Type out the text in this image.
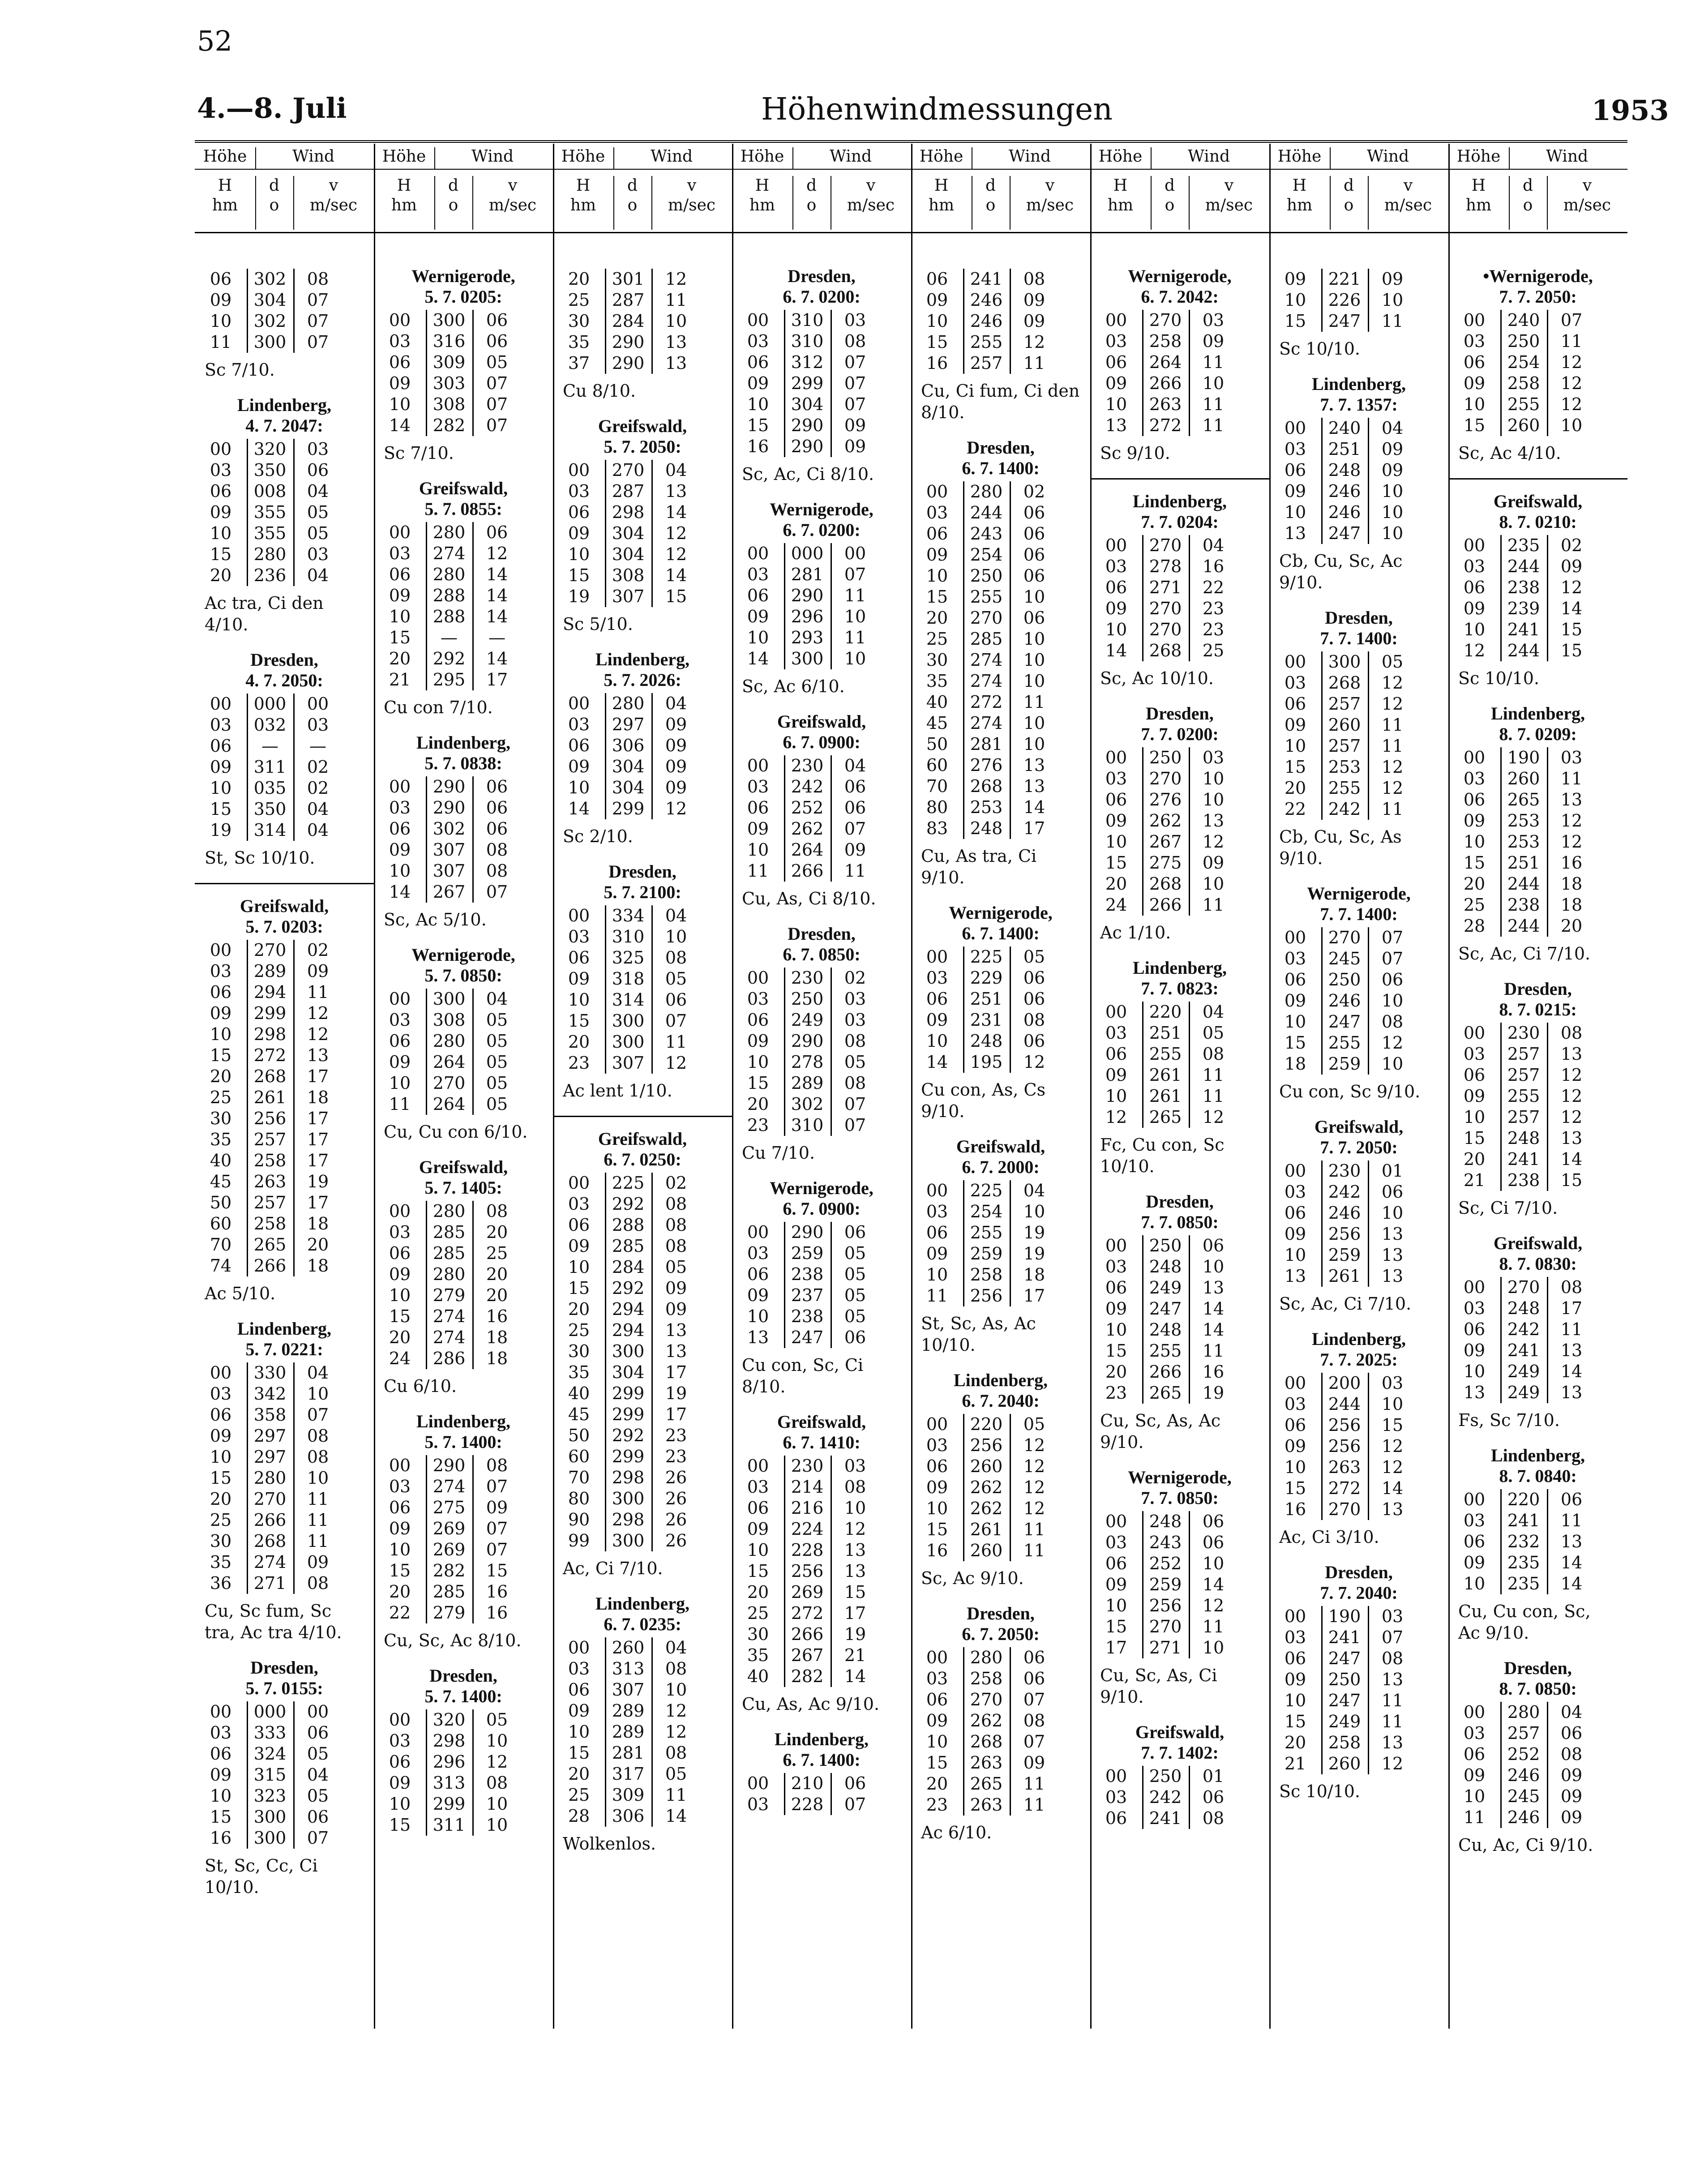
52
4.—8. Juli	Höhenwindmessungen	1953
Höhe	Wind
H
hm
d
o
v
m/sec
06	302	08
09	304	07
10	302	07
11	300	07
Sc 7/10.
Lindenberg,
4. 7. 2047:
00	320	03
03	350	06
06	008	04
09	355	05
10	355	05
15	280	03
20	236	04
Ac tra, Ci den 4/10.
Dresden,
4. 7. 2050:
00	000	00
03	032	03
06	—	—
09	311	02
10	035	02
15	350	04
19	314	04
St, Sc 10/10.
Greifswald,
5. 7. 0203:
00	270	02
03	289	09
06	294	11
09	299	12
10	298	12
15	272	13
20	268	17
25	261	18
30	256	17
35	257	17
40	258	17
45	263	19
50	257	17
60	258	18
70	265	20
74	266	18
Ac 5/10.
Lindenberg,
5. 7. 0221:
00	330	04
03	342	10
06	358	07
09	297	08
10	297	08
15	280	10
20	270	11
25	266	11
30	268	11
35	274	09
36	271	08
Cu, Sc fum, Sc tra, Ac tra 4/10.
Dresden,
5. 7. 0155:
00	000	00
03	333	06
06	324	05
09	315	04
10	323	05
15	300	06
16	300	07
St, Sc, Cc, Ci 10/10.
Höhe	Wind
H
hm
d
o
v
m/sec
Wernigerode,
5. 7. 0205:
00	300	06
03	316	06
06	309	05
09	303	07
10	308	07
14	282	07
Sc 7/10.
Greifswald,
5. 7. 0855:
00	280	06
03	274	12
06	280	14
09	288	14
10	288	14
15	—	—
20	292	14
21	295	17
Cu con 7/10.
Lindenberg,
5. 7. 0838:
00	290	06
03	290	06
06	302	06
09	307	08
10	307	08
14	267	07
Sc, Ac 5/10.
Wernigerode,
5. 7. 0850:
00	300	04
03	308	05
06	280	05
09	264	05
10	270	05
11	264	05
Cu, Cu con 6/10.
Greifswald,
5. 7. 1405:
00	280	08
03	285	20
06	285	25
09	280	20
10	279	20
15	274	16
20	274	18
24	286	18
Cu 6/10.
Lindenberg,
5. 7. 1400:
00	290	08
03	274	07
06	275	09
09	269	07
10	269	07
15	282	15
20	285	16
22	279	16
Cu, Sc, Ac 8/10.
Dresden,
5. 7. 1400:
00	320	05
03	298	10
06	296	12
09	313	08
10	299	10
15	311	10
Höhe	Wind
H
hm
d
o
v
m/sec
20	301	12
25	287	11
30	284	10
35	290	13
37	290	13
Cu 8/10.
Greifswald,
5. 7. 2050:
00	270	04
03	287	13
06	298	14
09	304	12
10	304	12
15	308	14
19	307	15
Sc 5/10.
Lindenberg,
5. 7. 2026:
00	280	04
03	297	09
06	306	09
09	304	09
10	304	09
14	299	12
Sc 2/10.
Dresden,
5. 7. 2100:
00	334	04
03	310	10
06	325	08
09	318	05
10	314	06
15	300	07
20	300	11
23	307	12
Ac lent 1/10.
Greifswald,
6. 7. 0250:
00	225	02
03	292	08
06	288	08
09	285	08
10	284	05
15	292	09
20	294	09
25	294	13
30	300	13
35	304	17
40	299	19
45	299	17
50	292	23
60	299	23
70	298	26
80	300	26
90	298	26
99	300	26
Ac, Ci 7/10.
Lindenberg,
6. 7. 0235:
00	260	04
03	313	08
06	307	10
09	289	12
10	289	12
15	281	08
20	317	05
25	309	11
28	306	14
Wolkenlos.
Höhe	Wind
H
hm
d
o
v
m/sec
Dresden,
6. 7. 0200:
00	310	03
03	310	08
06	312	07
09	299	07
10	304	07
15	290	09
16	290	09
Sc, Ac, Ci 8/10.
Wernigerode,
6. 7. 0200:
00	000	00
03	281	07
06	290	11
09	296	10
10	293	11
14	300	10
Sc, Ac 6/10.
Greifswald,
6. 7. 0900:
00	230	04
03	242	06
06	252	06
09	262	07
10	264	09
11	266	11
Cu, As, Ci 8/10.
Dresden,
6. 7. 0850:
00	230	02
03	250	03
06	249	03
09	290	08
10	278	05
15	289	08
20	302	07
23	310	07
Cu 7/10.
Wernigerode,
6. 7. 0900:
00	290	06
03	259	05
06	238	05
09	237	05
10	238	05
13	247	06
Cu con, Sc, Ci 8/10.
Greifswald,
6. 7. 1410:
00	230	03
03	214	08
06	216	10
09	224	12
10	228	13
15	256	13
20	269	15
25	272	17
30	266	19
35	267	21
40	282	14
Cu, As, Ac 9/10.
Lindenberg,
6. 7. 1400:
00	210	06
03	228	07
Höhe	Wind
H
hm
d
o
v
m/sec
06	241	08
09	246	09
10	246	09
15	255	12
16	257	11
Cu, Ci fum, Ci den 8/10.
Dresden,
6. 7. 1400:
00	280	02
03	244	06
06	243	06
09	254	06
10	250	06
15	255	10
20	270	06
25	285	10
30	274	10
35	274	10
40	272	11
45	274	10
50	281	10
60	276	13
70	268	13
80	253	14
83	248	17
Cu, As tra, Ci 9/10.
Wernigerode,
6. 7. 1400:
00	225	05
03	229	06
06	251	06
09	231	08
10	248	06
14	195	12
Cu con, As, Cs 9/10.
Greifswald,
6. 7. 2000:
00	225	04
03	254	10
06	255	19
09	259	19
10	258	18
11	256	17
St, Sc, As, Ac 10/10.
Lindenberg,
6. 7. 2040:
00	220	05
03	256	12
06	260	12
09	262	12
10	262	12
15	261	11
16	260	11
Sc, Ac 9/10.
Dresden,
6. 7. 2050:
00	280	06
03	258	06
06	270	07
09	262	08
10	268	07
15	263	09
20	265	11
23	263	11
Ac 6/10.
Höhe	Wind
H
hm
d
o
v
m/sec
Wernigerode,
6. 7. 2042:
00	270	03
03	258	09
06	264	11
09	266	10
10	263	11
13	272	11
Sc 9/10.
Lindenberg,
7. 7. 0204:
00	270	04
03	278	16
06	271	22
09	270	23
10	270	23
14	268	25
Sc, Ac 10/10.
Dresden,
7. 7. 0200:
00	250	03
03	270	10
06	276	10
09	262	13
10	267	12
15	275	09
20	268	10
24	266	11
Ac 1/10.
Lindenberg,
7. 7. 0823:
00	220	04
03	251	05
06	255	08
09	261	11
10	261	11
12	265	12
Fc, Cu con, Sc 10/10.
Dresden,
7. 7. 0850:
00	250	06
03	248	10
06	249	13
09	247	14
10	248	14
15	255	11
20	266	16
23	265	19
Cu, Sc, As, Ac 9/10.
Wernigerode,
7. 7. 0850:
00	248	06
03	243	06
06	252	10
09	259	14
10	256	12
15	270	11
17	271	10
Cu, Sc, As, Ci 9/10.
Greifswald,
7. 7. 1402:
00	250	01
03	242	06
06	241	08
Höhe	Wind
H
hm
d
o
v
m/sec
09	221	09
10	226	10
15	247	11
Sc 10/10.
Lindenberg,
7. 7. 1357:
00	240	04
03	251	09
06	248	09
09	246	10
10	246	10
13	247	10
Cb, Cu, Sc, Ac 9/10.
Dresden,
7. 7. 1400:
00	300	05
03	268	12
06	257	12
09	260	11
10	257	11
15	253	12
20	255	12
22	242	11
Cb, Cu, Sc, As 9/10.
Wernigerode,
7. 7. 1400:
00	270	07
03	245	07
06	250	06
09	246	10
10	247	08
15	255	12
18	259	10
Cu con, Sc 9/10.
Greifswald,
7. 7. 2050:
00	230	01
03	242	06
06	246	10
09	256	13
10	259	13
13	261	13
Sc, Ac, Ci 7/10.
Lindenberg,
7. 7. 2025:
00	200	03
03	244	10
06	256	15
09	256	12
10	263	12
15	272	14
16	270	13
Ac, Ci 3/10.
Dresden,
7. 7. 2040:
00	190	03
03	241	07
06	247	08
09	250	13
10	247	11
15	249	11
20	258	13
21	260	12
Sc 10/10.
Höhe	Wind
H
hm
d
o
v
m/sec
•Wernigerode,
7. 7. 2050:
00	240	07
03	250	11
06	254	12
09	258	12
10	255	12
15	260	10
Sc, Ac 4/10.
Greifswald,
8. 7. 0210:
00	235	02
03	244	09
06	238	12
09	239	14
10	241	15
12	244	15
Sc 10/10.
Lindenberg,
8. 7. 0209:
00	190	03
03	260	11
06	265	13
09	253	12
10	253	12
15	251	16
20	244	18
25	238	18
28	244	20
Sc, Ac, Ci 7/10.
Dresden,
8. 7. 0215:
00	230	08
03	257	13
06	257	12
09	255	12
10	257	12
15	248	13
20	241	14
21	238	15
Sc, Ci 7/10.
Greifswald,
8. 7. 0830:
00	270	08
03	248	17
06	242	11
09	241	13
10	249	14
13	249	13
Fs, Sc 7/10.
Lindenberg,
8. 7. 0840:
00	220	06
03	241	11
06	232	13
09	235	14
10	235	14
Cu, Cu con, Sc, Ac 9/10.
Dresden,
8. 7. 0850:
00	280	04
03	257	06
06	252	08
09	246	09
10	245	09
11	246	09
Cu, Ac, Ci 9/10.
